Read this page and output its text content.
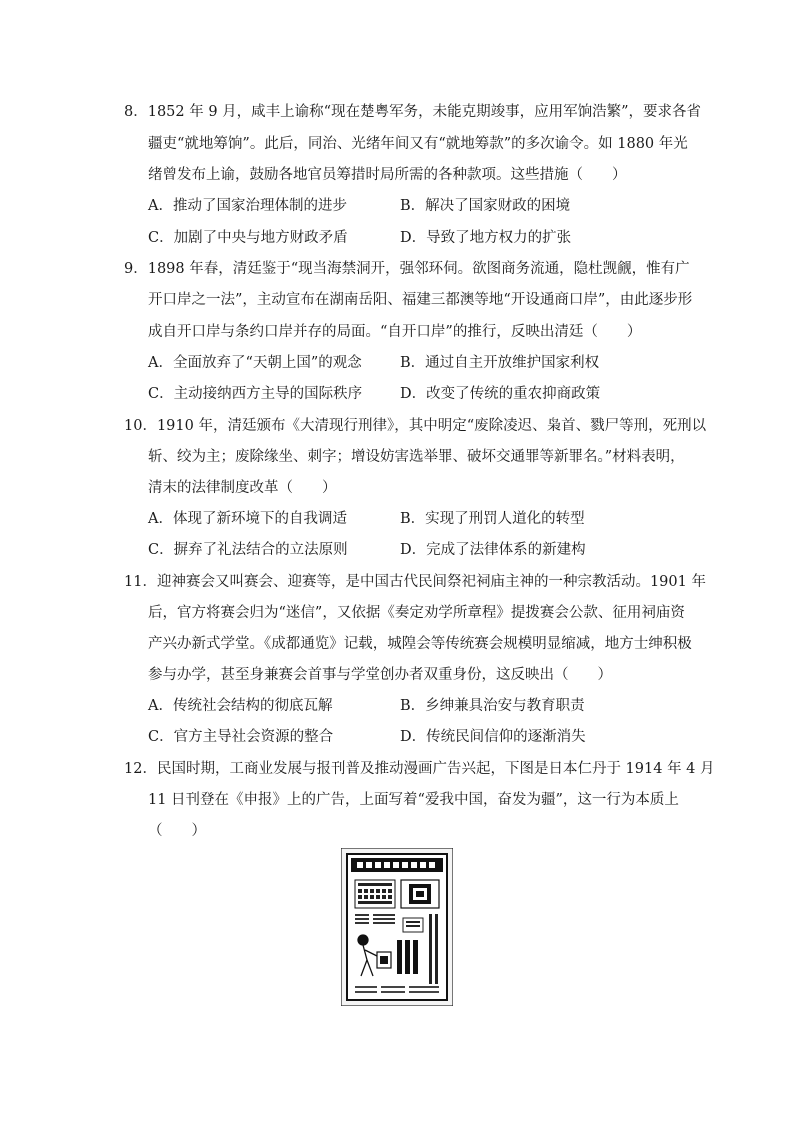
8．1852 年 9 月，咸丰上谕称“现在楚粤军务，未能克期竣事，应用军饷浩繁”，要求各省
疆吏“就地筹饷”。此后，同治、光绪年间又有“就地筹款”的多次谕令。如 1880 年光
绪曾发布上谕，鼓励各地官员筹措时局所需的各种款项。这些措施（　　）
A．推动了国家治理体制的进步	B．解决了国家财政的困境
C．加剧了中央与地方财政矛盾	D．导致了地方权力的扩张
9．1898 年春，清廷鉴于“现当海禁洞开，强邻环伺。欲图商务流通，隐杜觊觎，惟有广
开口岸之一法”，主动宣布在湖南岳阳、福建三都澳等地“开设通商口岸”，由此逐步形
成自开口岸与条约口岸并存的局面。“自开口岸”的推行，反映出清廷（　　）
A．全面放弃了“天朝上国”的观念	B．通过自主开放维护国家利权
C．主动接纳西方主导的国际秩序	D．改变了传统的重农抑商政策
10．1910 年，清廷颁布《大清现行刑律》，其中明定“废除凌迟、枭首、戮尸等刑，死刑以
斩、绞为主；废除缘坐、刺字；增设妨害选举罪、破坏交通罪等新罪名。”材料表明，
清末的法律制度改革（　　）
A．体现了新环境下的自我调适	B．实现了刑罚人道化的转型
C．摒弃了礼法结合的立法原则	D．完成了法律体系的新建构
11．迎神赛会又叫赛会、迎赛等，是中国古代民间祭祀祠庙主神的一种宗教活动。1901 年
后，官方将赛会归为“迷信”，又依据《奏定劝学所章程》提拨赛会公款、征用祠庙资
产兴办新式学堂。《成都通览》记载，城隍会等传统赛会规模明显缩减，地方士绅积极
参与办学，甚至身兼赛会首事与学堂创办者双重身份，这反映出（　　）
A．传统社会结构的彻底瓦解	B．乡绅兼具治安与教育职责
C．官方主导社会资源的整合	D．传统民间信仰的逐渐消失
12．民国时期，工商业发展与报刊普及推动漫画广告兴起，下图是日本仁丹于 1914 年 4 月
11 日刊登在《申报》上的广告，上面写着“爱我中国，奋发为疆”，这一行为本质上
（　　）
